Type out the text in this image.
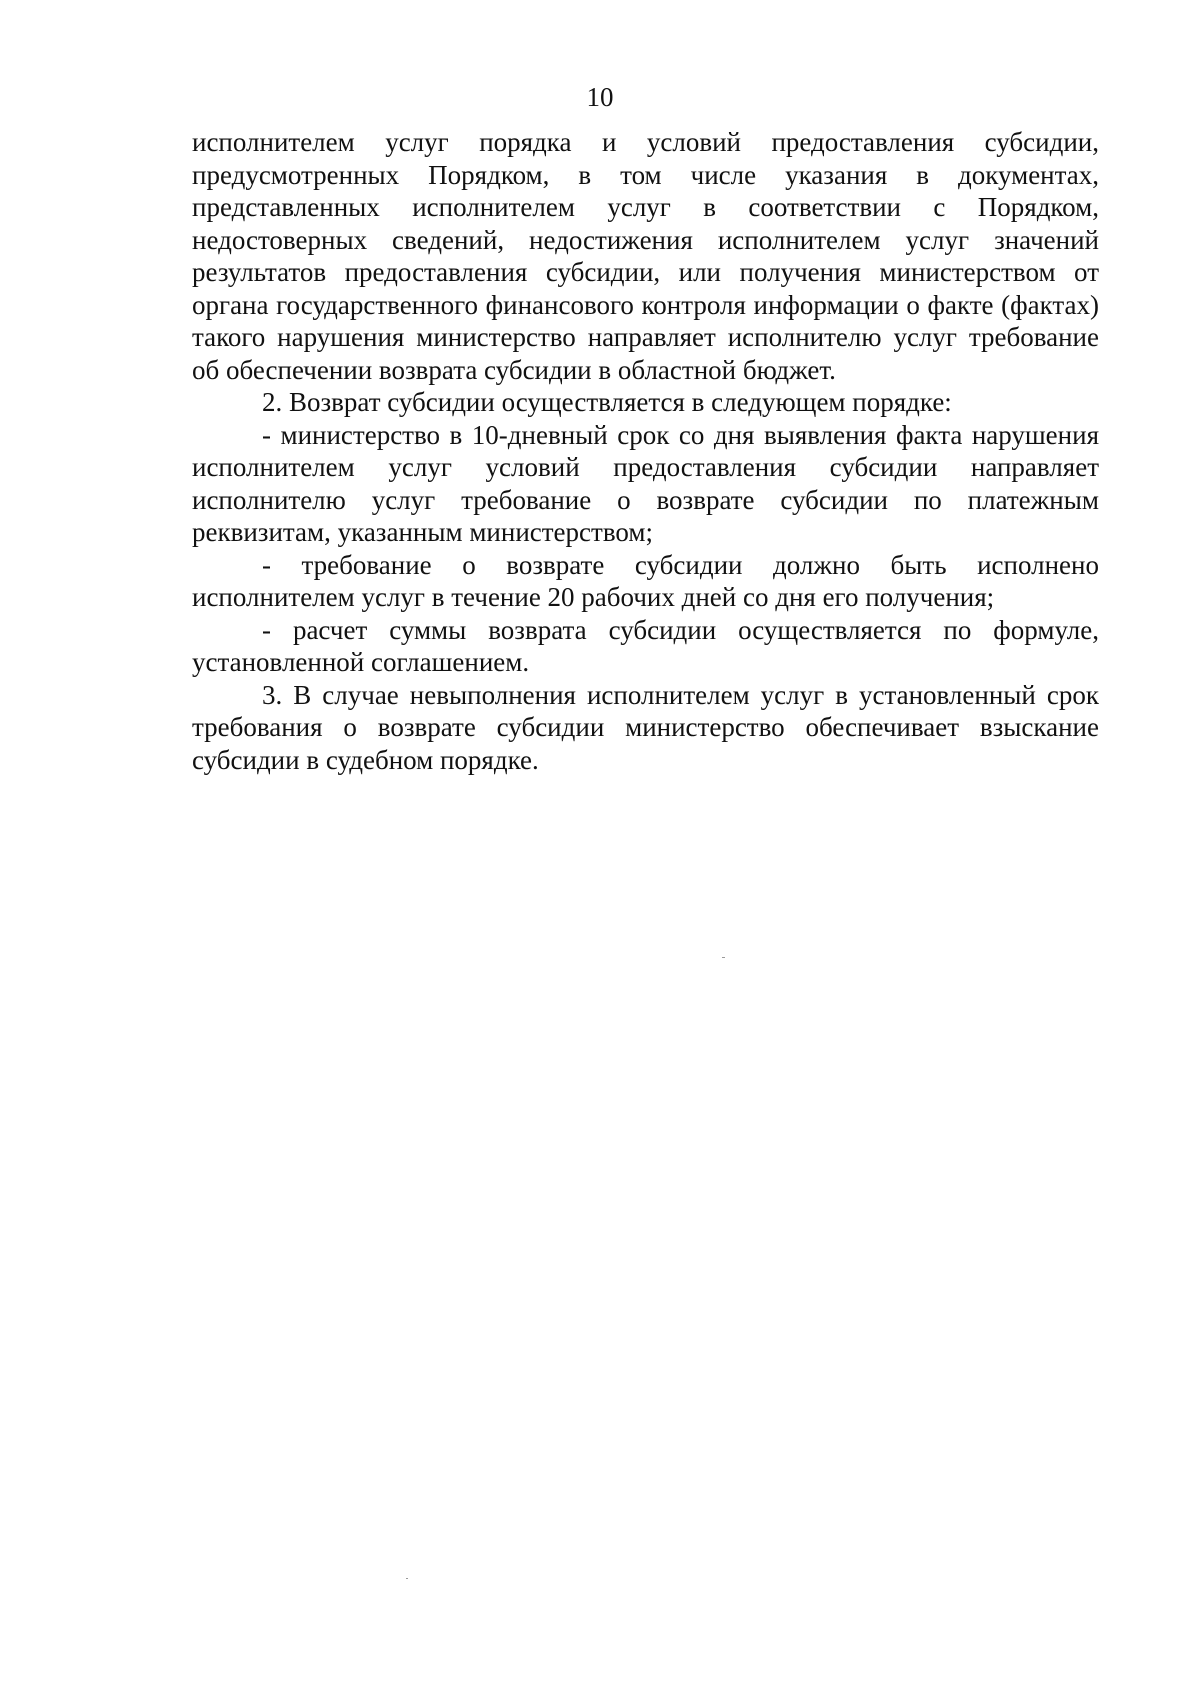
10

исполнителем услуг порядка и условий предоставления субсидии, предусмотренных Порядком, в том числе указания в документах, представленных исполнителем услуг в соответствии с Порядком, недостоверных сведений, недостижения исполнителем услуг значений результатов предоставления субсидии, или получения министерством от органа государственного финансового контроля информации о факте (фактах) такого нарушения министерство направляет исполнителю услуг требование об обеспечении возврата субсидии в областной бюджет.

2. Возврат субсидии осуществляется в следующем порядке:

- министерство в 10-дневный срок со дня выявления факта нарушения исполнителем услуг условий предоставления субсидии направляет исполнителю услуг требование о возврате субсидии по платежным реквизитам, указанным министерством;

- требование о возврате субсидии должно быть исполнено исполнителем услуг в течение 20 рабочих дней со дня его получения;

- расчет суммы возврата субсидии осуществляется по формуле, установленной соглашением.

3. В случае невыполнения исполнителем услуг в установленный срок требования о возврате субсидии министерство обеспечивает взыскание субсидии в судебном порядке.
